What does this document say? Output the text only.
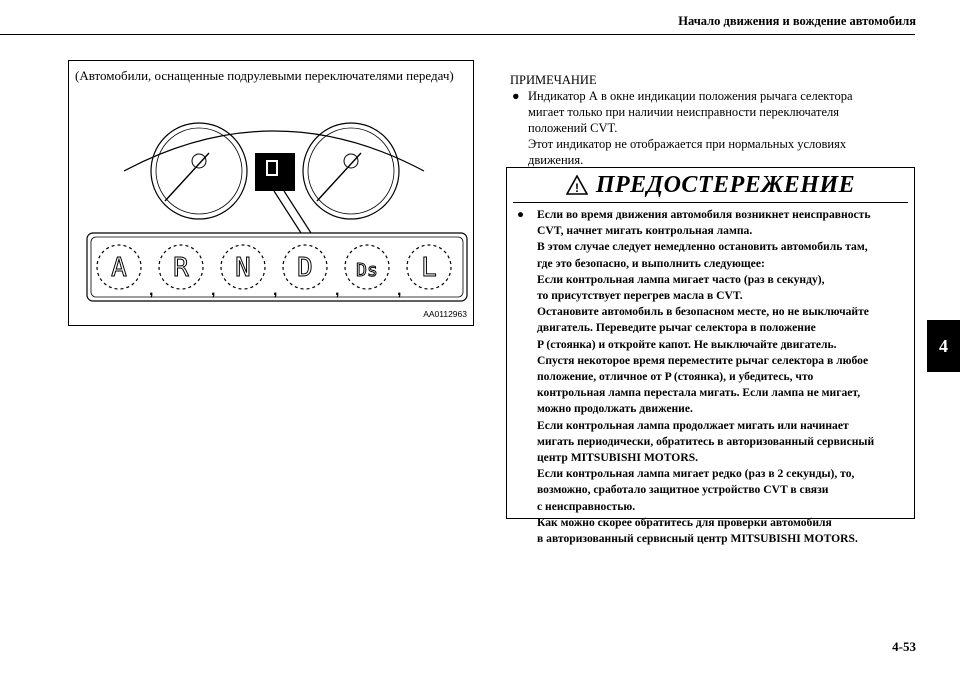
Начало движения и вождение автомобиля
4
(Автомобили, оснащенные подрулевыми переключателями передач)
A
,
R
,
N
,
D
,
Ds
,
L
AA0112963
ПРИМЕЧАНИЕ
● Индикатор А в окне индикации положения рычага селектора
мигает только при наличии неисправности переключателя
положений CVT.
Этот индикатор не отображается при нормальных условиях
движения.
! ПРЕДОСТЕРЕЖЕНИЕ
● Если во время движения автомобиля возникнет неисправность
CVT, начнет мигать контрольная лампа.
В этом случае следует немедленно остановить автомобиль там,
где это безопасно, и выполнить следующее:
Если контрольная лампа мигает часто (раз в секунду),
то присутствует перегрев масла в CVT.
Остановите автомобиль в безопасном месте, но не выключайте
двигатель. Переведите рычаг селектора в положение
P (стоянка) и откройте капот. Не выключайте двигатель.
Спустя некоторое время переместите рычаг селектора в любое
положение, отличное от P (стоянка), и убедитесь, что
контрольная лампа перестала мигать. Если лампа не мигает,
можно продолжать движение.
Если контрольная лампа продолжает мигать или начинает
мигать периодически, обратитесь в авторизованный сервисный
центр MITSUBISHI MOTORS.
Если контрольная лампа мигает редко (раз в 2 секунды), то,
возможно, сработало защитное устройство CVT в связи
с неисправностью.
Как можно скорее обратитесь для проверки автомобиля
в авторизованный сервисный центр MITSUBISHI MOTORS.
4-53
